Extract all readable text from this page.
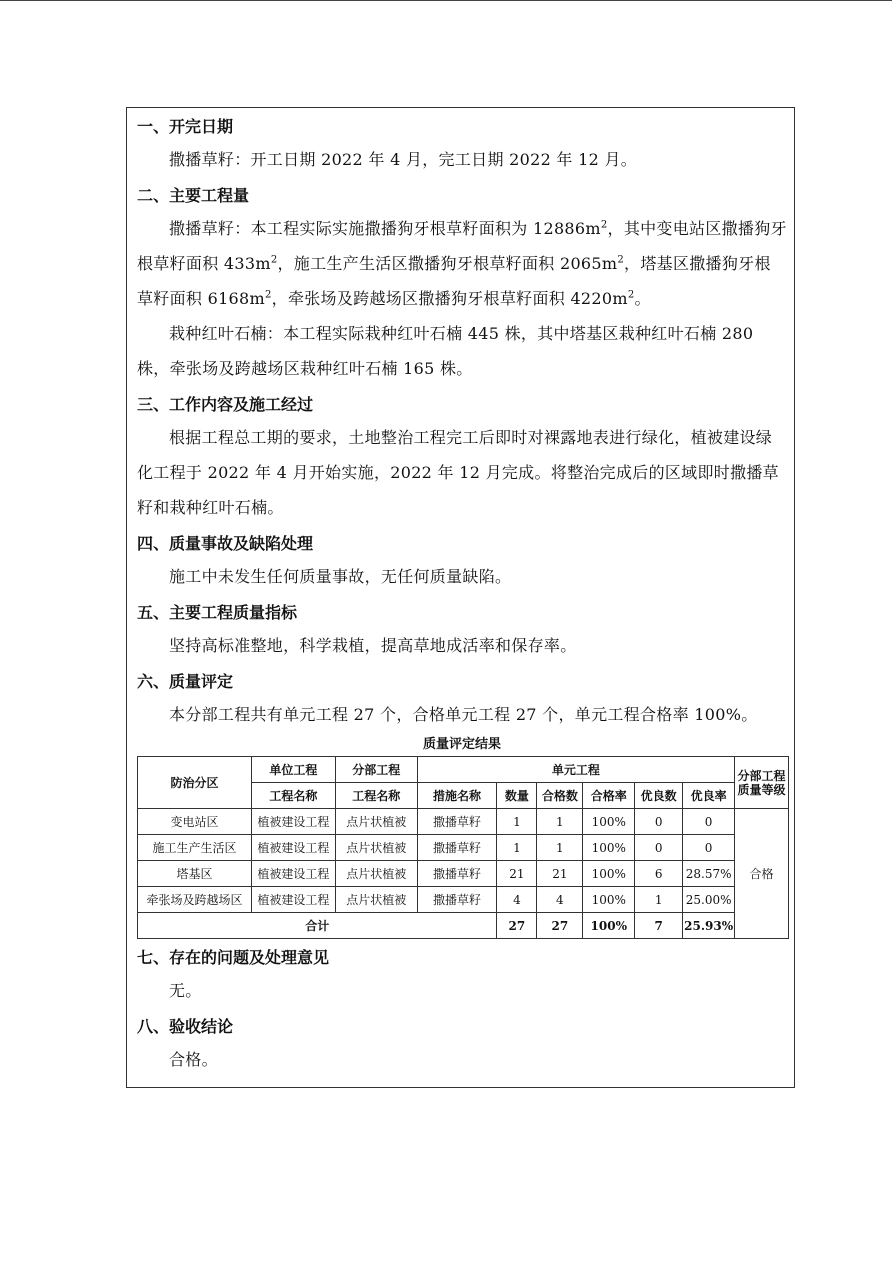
一、开完日期

撒播草籽：开工日期 2022 年 4 月，完工日期 2022 年 12 月。

二、主要工程量

撒播草籽：本工程实际实施撒播狗牙根草籽面积为 $12886m^2$，其中变电站区撒播狗牙根草籽面积 $433m^2$，施工生产生活区撒播狗牙根草籽面积 $2065m^2$，塔基区撒播狗牙根草籽面积 $6168m^2$，牵张场及跨越场区撒播狗牙根草籽面积 $4220m^2$。

栽种红叶石楠：本工程实际栽种红叶石楠 445 株，其中塔基区栽种红叶石楠 280 株，牵张场及跨越场区栽种红叶石楠 165 株。

三、工作内容及施工经过

根据工程总工期的要求，土地整治工程完工后即时对裸露地表进行绿化，植被建设绿化工程于 2022 年 4 月开始实施，2022 年 12 月完成。将整治完成后的区域即时撒播草籽和栽种红叶石楠。

四、质量事故及缺陷处理

施工中未发生任何质量事故，无任何质量缺陷。

五、主要工程质量指标

坚持高标准整地，科学栽植，提高草地成活率和保存率。

六、质量评定

本分部工程共有单元工程 27 个，合格单元工程 27 个，单元工程合格率 100%。

质量评定结果
防治分区	单位工程	分部工程	单元工程						分部工程质量等级
	工程名称	工程名称	措施名称	数量	合格数	合格率	优良数	优良率	
变电站区	植被建设工程	点片状植被	撒播草籽	1	1	100%	0	0	合格
施工生产生活区	植被建设工程	点片状植被	撒播草籽	1	1	100%	0	0	
塔基区	植被建设工程	点片状植被	撒播草籽	21	21	100%	6	28.57%	
牵张场及跨越场区	植被建设工程	点片状植被	撒播草籽	4	4	100%	1	25.00%	
合计				27	27	100%	7	25.93%	
七、存在的问题及处理意见

无。

八、验收结论

合格。
